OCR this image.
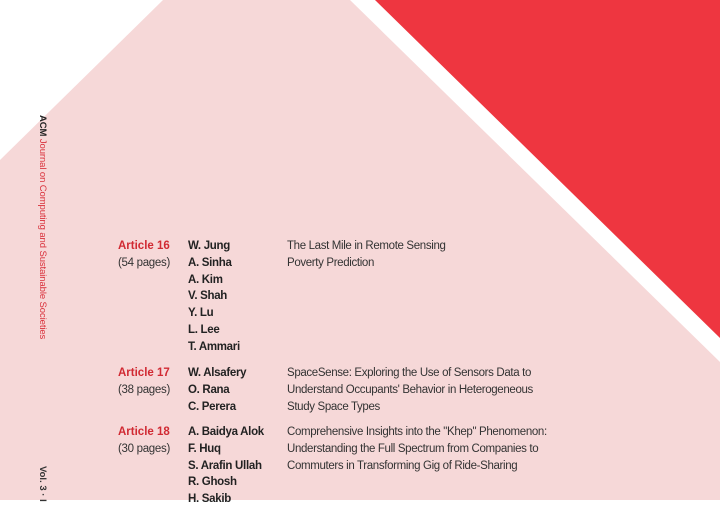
ACM Journal on Computing and Sustainable Societies
Vol. 3 · I
Article 16
(54 pages)
W. Jung
A. Sinha
A. Kim
V. Shah
Y. Lu
L. Lee
T. Ammari
The Last Mile in Remote Sensing
Poverty Prediction
Article 17
(38 pages)
W. Alsafery
O. Rana
C. Perera
SpaceSense: Exploring the Use of Sensors Data to
Understand Occupants' Behavior in Heterogeneous
Study Space Types
Article 18
(30 pages)
A. Baidya Alok
F. Huq
S. Arafin Ullah
R. Ghosh
H. Sakib
Comprehensive Insights into the "Khep" Phenomenon:
Understanding the Full Spectrum from Companies to
Commuters in Transforming Gig of Ride-Sharing
